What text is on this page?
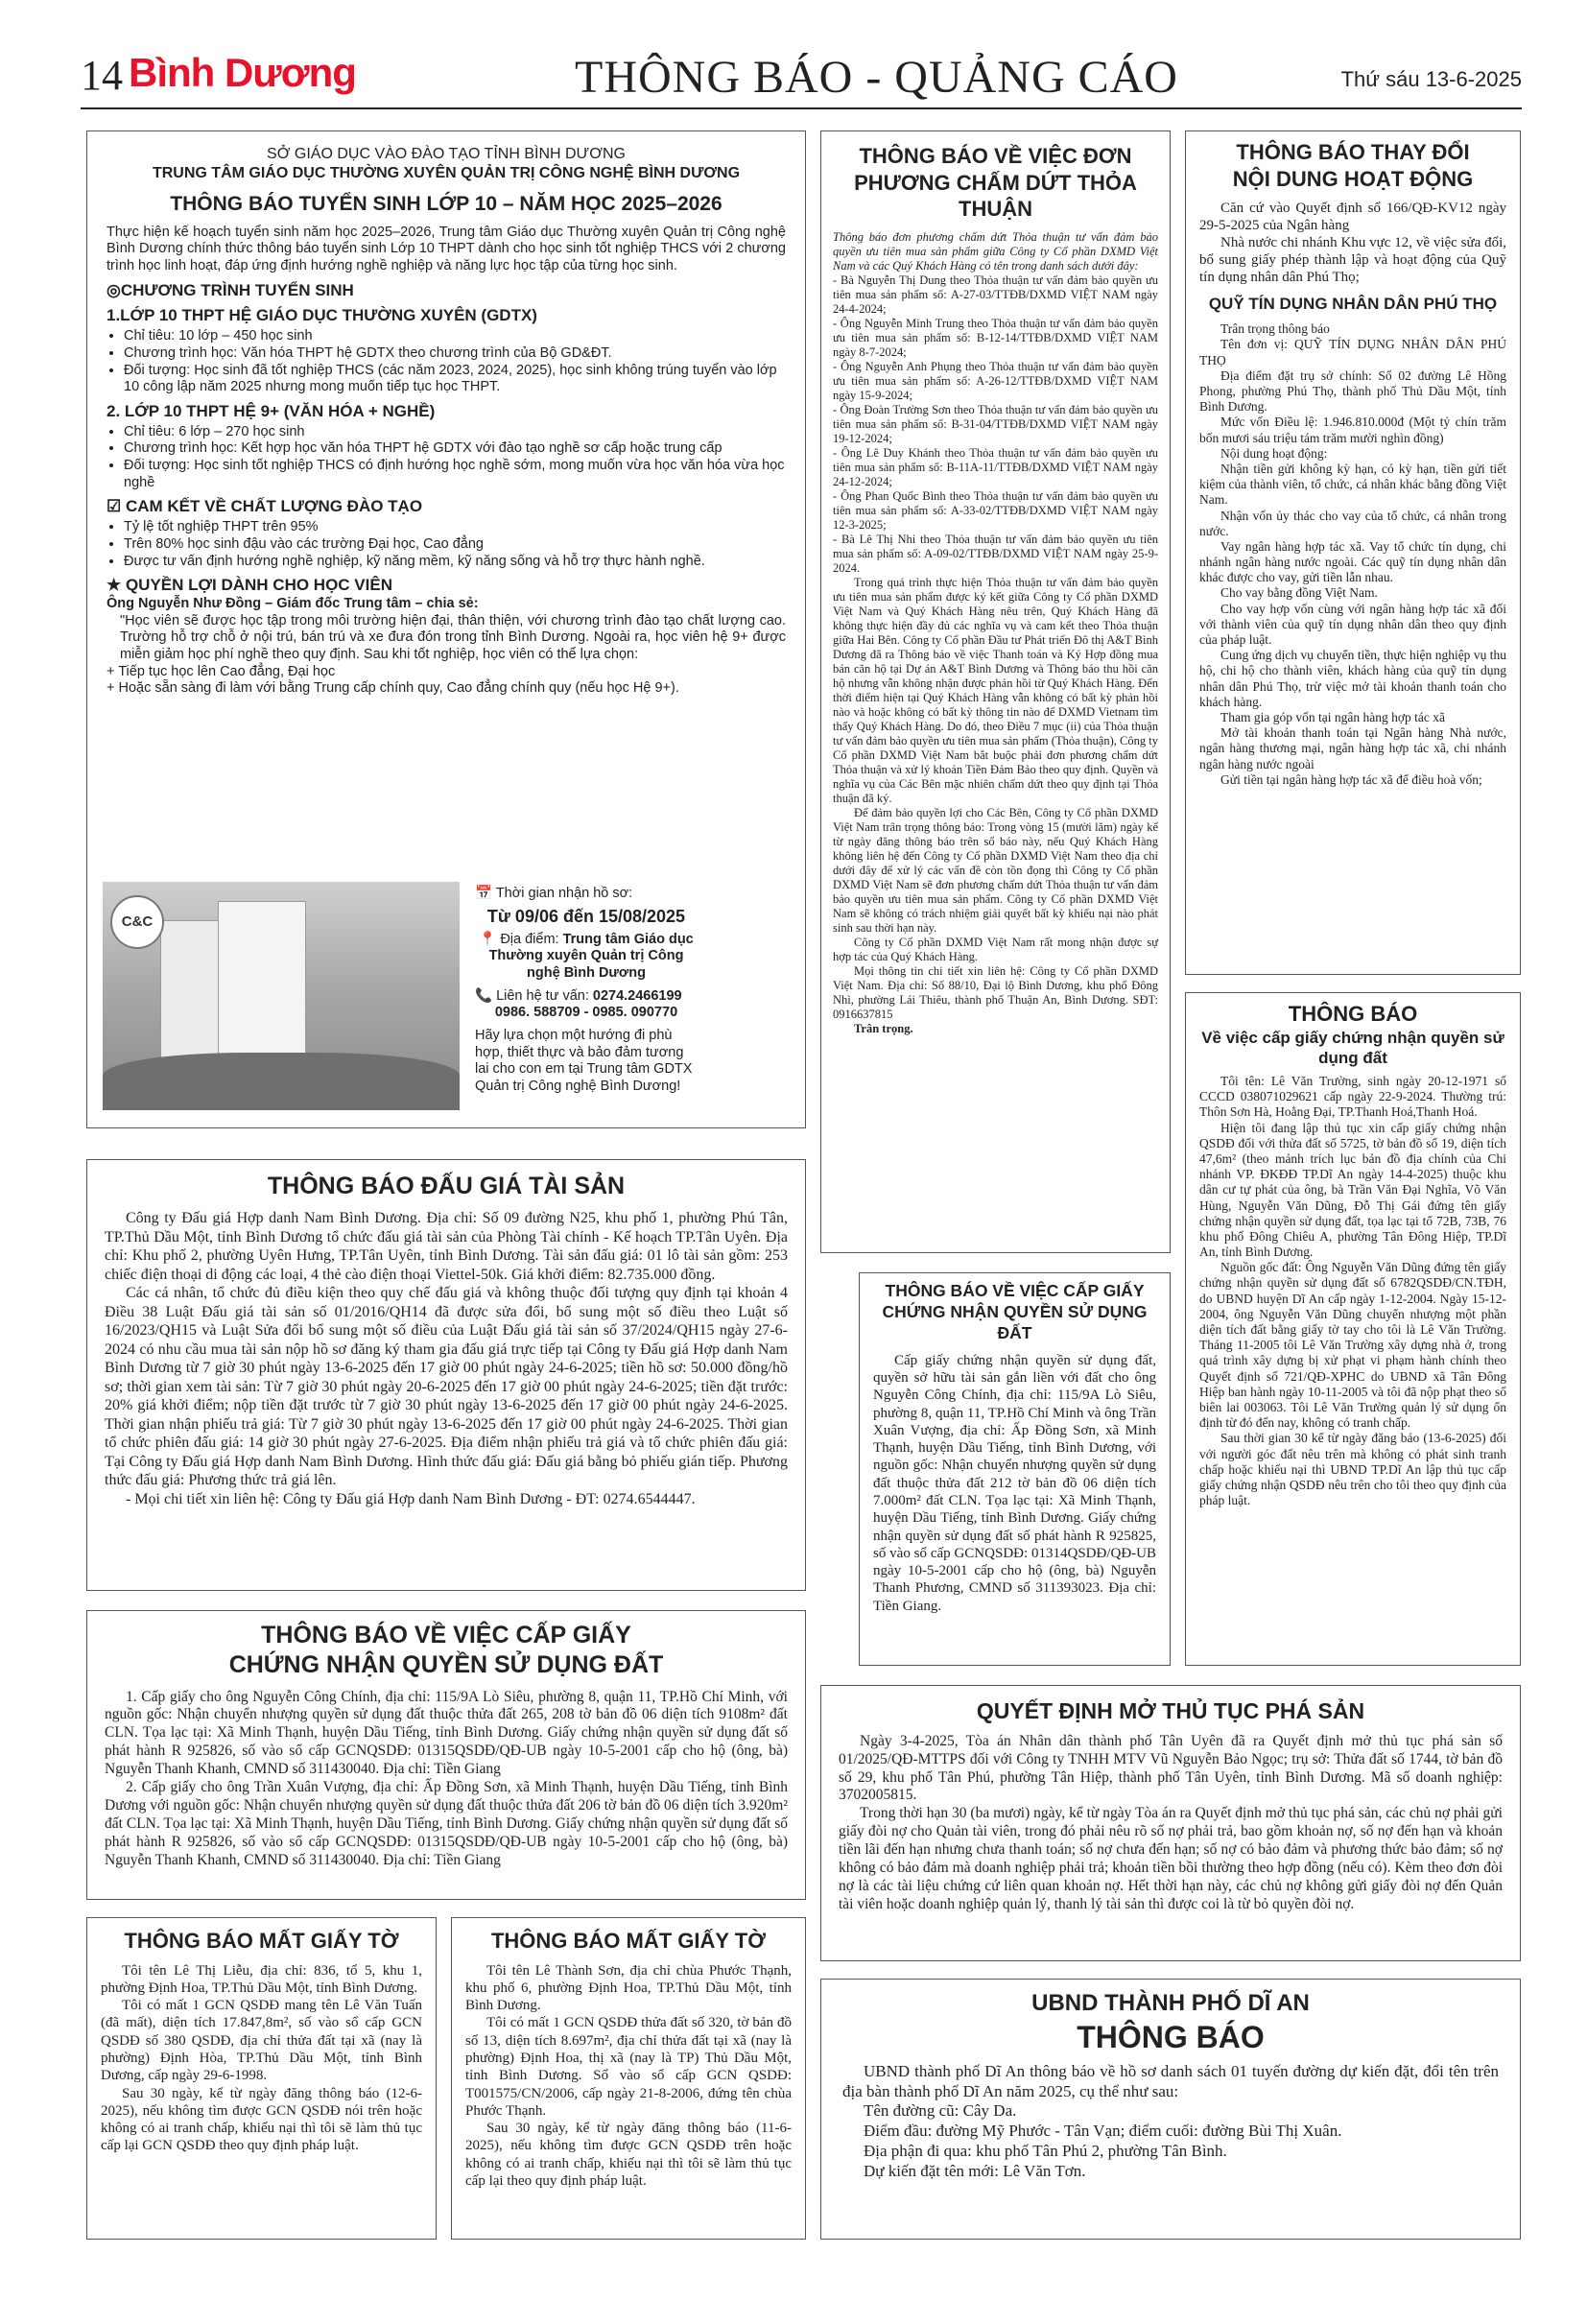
14 Bình Dương	THÔNG BÁO - QUẢNG CÁO	Thứ sáu 13-6-2025

SỞ GIÁO DỤC VÀO ĐÀO TẠO TỈNH BÌNH DƯƠNG

TRUNG TÂM GIÁO DỤC THƯỜNG XUYÊN QUẢN TRỊ CÔNG NGHỆ BÌNH DƯƠNG

THÔNG BÁO TUYỂN SINH LỚP 10 – NĂM HỌC 2025–2026

Thực hiện kế hoạch tuyển sinh năm học 2025–2026, Trung tâm Giáo dục Thường xuyên Quản trị Công nghệ Bình Dương chính thức thông báo tuyển sinh Lớp 10 THPT dành cho học sinh tốt nghiệp THCS với 2 chương trình học linh hoạt, đáp ứng định hướng nghề nghiệp và năng lực học tập của từng học sinh.

◎CHƯƠNG TRÌNH TUYỂN SINH

1.LỚP 10 THPT HỆ GIÁO DỤC THƯỜNG XUYÊN (GDTX)

• Chỉ tiêu: 10 lớp – 450 học sinh
• Chương trình học: Văn hóa THPT hệ GDTX theo chương trình của Bộ GD&ĐT.
• Đối tượng: Học sinh đã tốt nghiệp THCS (các năm 2023, 2024, 2025), học sinh không trúng tuyển vào lớp 10 công lập năm 2025 nhưng mong muốn tiếp tục học THPT.

2. LỚP 10 THPT HỆ 9+ (VĂN HÓA + NGHỀ)

• Chỉ tiêu: 6 lớp – 270 học sinh
• Chương trình học: Kết hợp học văn hóa THPT hệ GDTX với đào tạo nghề sơ cấp hoặc trung cấp
• Đối tượng: Học sinh tốt nghiệp THCS có định hướng học nghề sớm, mong muốn vừa học văn hóa vừa học nghề

☑ CAM KẾT VỀ CHẤT LƯỢNG ĐÀO TẠO

• Tỷ lệ tốt nghiệp THPT trên 95%
• Trên 80% học sinh đậu vào các trường Đại học, Cao đẳng
• Được tư vấn định hướng nghề nghiệp, kỹ năng mềm, kỹ năng sống và hỗ trợ thực hành nghề.

★ QUYỀN LỢI DÀNH CHO HỌC VIÊN

Ông Nguyễn Như Đồng – Giám đốc Trung tâm – chia sẻ:

"Học viên sẽ được học tập trong môi trường hiện đại, thân thiện, với chương trình đào tạo chất lượng cao. Trường hỗ trợ chỗ ở nội trú, bán trú và xe đưa đón trong tỉnh Bình Dương. Ngoài ra, học viên hệ 9+ được miễn giảm học phí nghề theo quy định. Sau khi tốt nghiệp, học viên có thể lựa chọn:

+ Tiếp tục học lên Cao đẳng, Đại học

+ Hoặc sẵn sàng đi làm với bằng Trung cấp chính quy, Cao đẳng chính quy (nếu học Hệ 9+).

C&C

📅 Thời gian nhận hồ sơ:

Từ 09/06 đến 15/08/2025

📍 Địa điểm: Trung tâm Giáo dục Thường xuyên Quản trị Công nghệ Bình Dương

📞 Liên hệ tư vấn: 0274.2466199

0986. 588709 - 0985. 090770

Hãy lựa chọn một hướng đi phù hợp, thiết thực và bảo đảm tương lai cho con em tại Trung tâm GDTX Quản trị Công nghệ Bình Dương!

THÔNG BÁO ĐẤU GIÁ TÀI SẢN

Công ty Đấu giá Hợp danh Nam Bình Dương. Địa chỉ: Số 09 đường N25, khu phố 1, phường Phú Tân, TP.Thủ Dầu Một, tỉnh Bình Dương tổ chức đấu giá tài sản của Phòng Tài chính - Kế hoạch TP.Tân Uyên. Địa chỉ: Khu phố 2, phường Uyên Hưng, TP.Tân Uyên, tỉnh Bình Dương. Tài sản đấu giá: 01 lô tài sản gồm: 253 chiếc điện thoại di động các loại, 4 thẻ cào điện thoại Viettel-50k. Giá khởi điểm: 82.735.000 đồng.

Các cá nhân, tổ chức đủ điều kiện theo quy chế đấu giá và không thuộc đối tượng quy định tại khoản 4 Điều 38 Luật Đấu giá tài sản số 01/2016/QH14 đã được sửa đổi, bổ sung một số điều theo Luật số 16/2023/QH15 và Luật Sửa đổi bổ sung một số điều của Luật Đấu giá tài sản số 37/2024/QH15 ngày 27-6-2024 có nhu cầu mua tài sản nộp hồ sơ đăng ký tham gia đấu giá trực tiếp tại Công ty Đấu giá Hợp danh Nam Bình Dương từ 7 giờ 30 phút ngày 13-6-2025 đến 17 giờ 00 phút ngày 24-6-2025; tiền hồ sơ: 50.000 đồng/hồ sơ; thời gian xem tài sản: Từ 7 giờ 30 phút ngày 20-6-2025 đến 17 giờ 00 phút ngày 24-6-2025; tiền đặt trước: 20% giá khởi điểm; nộp tiền đặt trước từ 7 giờ 30 phút ngày 13-6-2025 đến 17 giờ 00 phút ngày 24-6-2025. Thời gian nhận phiếu trả giá: Từ 7 giờ 30 phút ngày 13-6-2025 đến 17 giờ 00 phút ngày 24-6-2025. Thời gian tổ chức phiên đấu giá: 14 giờ 30 phút ngày 27-6-2025. Địa điểm nhận phiếu trả giá và tổ chức phiên đấu giá: Tại Công ty Đấu giá Hợp danh Nam Bình Dương. Hình thức đấu giá: Đấu giá bằng bỏ phiếu gián tiếp. Phương thức đấu giá: Phương thức trả giá lên.

- Mọi chi tiết xin liên hệ: Công ty Đấu giá Hợp danh Nam Bình Dương - ĐT: 0274.6544447.

THÔNG BÁO VỀ VIỆC CẤP GIẤY

CHỨNG NHẬN QUYỀN SỬ DỤNG ĐẤT

1. Cấp giấy cho ông Nguyễn Công Chính, địa chỉ: 115/9A Lò Siêu, phường 8, quận 11, TP.Hồ Chí Minh, với nguồn gốc: Nhận chuyển nhượng quyền sử dụng đất thuộc thửa đất 265, 208 tờ bản đồ 06 diện tích 9108m² đất CLN. Tọa lạc tại: Xã Minh Thạnh, huyện Dầu Tiếng, tỉnh Bình Dương. Giấy chứng nhận quyền sử dụng đất số phát hành R 925826, số vào sổ cấp GCNQSDĐ: 01315QSDĐ/QĐ-UB ngày 10-5-2001 cấp cho hộ (ông, bà) Nguyễn Thanh Khanh, CMND số 311430040. Địa chỉ: Tiền Giang

2. Cấp giấy cho ông Trần Xuân Vượng, địa chỉ: Ấp Đồng Sơn, xã Minh Thạnh, huyện Dầu Tiếng, tỉnh Bình Dương với nguồn gốc: Nhận chuyển nhượng quyền sử dụng đất thuộc thửa đất 206 tờ bản đồ 06 diện tích 3.920m² đất CLN. Tọa lạc tại: Xã Minh Thạnh, huyện Dầu Tiếng, tỉnh Bình Dương. Giấy chứng nhận quyền sử dụng đất số phát hành R 925826, số vào sổ cấp GCNQSDĐ: 01315QSDĐ/QĐ-UB ngày 10-5-2001 cấp cho hộ (ông, bà) Nguyễn Thanh Khanh, CMND số 311430040. Địa chỉ: Tiền Giang

THÔNG BÁO MẤT GIẤY TỜ

Tôi tên Lê Thị Liễu, địa chỉ: 836, tổ 5, khu 1, phường Định Hoa, TP.Thủ Dầu Một, tỉnh Bình Dương.

Tôi có mất 1 GCN QSDĐ mang tên Lê Văn Tuấn (đã mất), diện tích 17.847,8m², số vào sổ cấp GCN QSDĐ số 380 QSDĐ, địa chỉ thửa đất tại xã (nay là phường) Định Hòa, TP.Thủ Dầu Một, tỉnh Bình Dương, cấp ngày 29-6-1998.

Sau 30 ngày, kể từ ngày đăng thông báo (12-6-2025), nếu không tìm được GCN QSDĐ nói trên hoặc không có ai tranh chấp, khiếu nại thì tôi sẽ làm thủ tục cấp lại GCN QSDĐ theo quy định pháp luật.

THÔNG BÁO MẤT GIẤY TỜ

Tôi tên Lê Thành Sơn, địa chỉ chùa Phước Thạnh, khu phố 6, phường Định Hoa, TP.Thủ Dầu Một, tỉnh Bình Dương.

Tôi có mất 1 GCN QSDĐ thửa đất số 320, tờ bản đồ số 13, diện tích 8.697m², địa chỉ thửa đất tại xã (nay là phường) Định Hoa, thị xã (nay là TP) Thủ Dầu Một, tỉnh Bình Dương. Số vào sổ cấp GCN QSDĐ: T001575/CN/2006, cấp ngày 21-8-2006, đứng tên chùa Phước Thạnh.

Sau 30 ngày, kể từ ngày đăng thông báo (11-6-2025), nếu không tìm được GCN QSDĐ trên hoặc không có ai tranh chấp, khiếu nại thì tôi sẽ làm thủ tục cấp lại theo quy định pháp luật.

THÔNG BÁO VỀ VIỆC ĐƠN PHƯƠNG CHẤM DỨT THỎA THUẬN

Thông báo đơn phương chấm dứt Thỏa thuận tư vấn đảm bảo quyền ưu tiên mua sản phẩm giữa Công ty Cổ phần DXMD Việt Nam và các Quý Khách Hàng có tên trong danh sách dưới đây:

- Bà Nguyễn Thị Dung theo Thỏa thuận tư vấn đảm bảo quyền ưu tiên mua sản phẩm số: A-27-03/TTĐB/DXMD VIỆT NAM ngày 24-4-2024;

- Ông Nguyễn Minh Trung theo Thỏa thuận tư vấn đảm bảo quyền ưu tiên mua sản phẩm số: B-12-14/TTĐB/DXMD VIỆT NAM ngày 8-7-2024;

- Ông Nguyễn Anh Phụng theo Thỏa thuận tư vấn đảm bảo quyền ưu tiên mua sản phẩm số: A-26-12/TTĐB/DXMD VIỆT NAM ngày 15-9-2024;

- Ông Đoàn Trường Sơn theo Thỏa thuận tư vấn đảm bảo quyền ưu tiên mua sản phẩm số: B-31-04/TTĐB/DXMD VIỆT NAM ngày 19-12-2024;

- Ông Lê Duy Khánh theo Thỏa thuận tư vấn đảm bảo quyền ưu tiên mua sản phẩm số: B-11A-11/TTĐB/DXMD VIỆT NAM ngày 24-12-2024;

- Ông Phan Quốc Bình theo Thỏa thuận tư vấn đảm bảo quyền ưu tiên mua sản phẩm số: A-33-02/TTĐB/DXMD VIỆT NAM ngày 12-3-2025;

- Bà Lê Thị Nhi theo Thỏa thuận tư vấn đảm bảo quyền ưu tiên mua sản phẩm số: A-09-02/TTĐB/DXMD VIỆT NAM ngày 25-9-2024.

Trong quá trình thực hiện Thỏa thuận tư vấn đảm bảo quyền ưu tiên mua sản phẩm được ký kết giữa Công ty Cổ phần DXMD Việt Nam và Quý Khách Hàng nêu trên, Quý Khách Hàng đã không thực hiện đầy đủ các nghĩa vụ và cam kết theo Thỏa thuận giữa Hai Bên. Công ty Cổ phần Đầu tư Phát triển Đô thị A&T Bình Dương đã ra Thông báo về việc Thanh toán và Ký Hợp đồng mua bán căn hộ tại Dự án A&T Bình Dương và Thông báo thu hồi căn hộ nhưng vẫn không nhận được phản hồi từ Quý Khách Hàng. Đến thời điểm hiện tại Quý Khách Hàng vẫn không có bất kỳ phản hồi nào và hoặc không có bất kỳ thông tin nào để DXMD Vietnam tìm thấy Quý Khách Hàng. Do đó, theo Điều 7 mục (ii) của Thỏa thuận tư vấn đảm bảo quyền ưu tiên mua sản phẩm (Thỏa thuận), Công ty Cổ phần DXMD Việt Nam bắt buộc phải đơn phương chấm dứt Thỏa thuận và xử lý khoản Tiền Đảm Bảo theo quy định. Quyền và nghĩa vụ của Các Bên mặc nhiên chấm dứt theo quy định tại Thỏa thuận đã ký.

Để đảm bảo quyền lợi cho Các Bên, Công ty Cổ phần DXMD Việt Nam trân trọng thông báo: Trong vòng 15 (mười lăm) ngày kể từ ngày đăng thông báo trên sổ báo này, nếu Quý Khách Hàng không liên hệ đến Công ty Cổ phần DXMD Việt Nam theo địa chỉ dưới đây để xử lý các vấn đề còn tồn đọng thì Công ty Cổ phần DXMD Việt Nam sẽ đơn phương chấm dứt Thỏa thuận tư vấn đảm bảo quyền ưu tiên mua sản phẩm. Công ty Cổ phần DXMD Việt Nam sẽ không có trách nhiệm giải quyết bất kỳ khiếu nại nào phát sinh sau thời hạn này.

Công ty Cổ phần DXMD Việt Nam rất mong nhận được sự hợp tác của Quý Khách Hàng.

Mọi thông tin chi tiết xin liên hệ: Công ty Cổ phần DXMD Việt Nam. Địa chỉ: Số 88/10, Đại lộ Bình Dương, khu phố Đông Nhì, phường Lái Thiêu, thành phố Thuận An, Bình Dương. SĐT: 0916637815

Trân trọng.

THÔNG BÁO VỀ VIỆC CẤP GIẤY

CHỨNG NHẬN QUYỀN SỬ DỤNG ĐẤT

Cấp giấy chứng nhận quyền sử dụng đất, quyền sở hữu tài sản gắn liền với đất cho ông Nguyễn Công Chính, địa chỉ: 115/9A Lò Siêu, phường 8, quận 11, TP.Hồ Chí Minh và ông Trần Xuân Vượng, địa chỉ: Ấp Đồng Sơn, xã Minh Thạnh, huyện Dầu Tiếng, tỉnh Bình Dương, với nguồn gốc: Nhận chuyển nhượng quyền sử dụng đất thuộc thửa đất 212 tờ bản đồ 06 diện tích 7.000m² đất CLN. Tọa lạc tại: Xã Minh Thạnh, huyện Dầu Tiếng, tỉnh Bình Dương. Giấy chứng nhận quyền sử dụng đất số phát hành R 925825, số vào sổ cấp GCNQSDĐ: 01314QSDĐ/QĐ-UB ngày 10-5-2001 cấp cho hộ (ông, bà) Nguyễn Thanh Phương, CMND số 311393023. Địa chỉ: Tiền Giang.

THÔNG BÁO THAY ĐỔI

NỘI DUNG HOẠT ĐỘNG

Căn cứ vào Quyết định số 166/QĐ-KV12 ngày 29-5-2025 của Ngân hàng

Nhà nước chi nhánh Khu vực 12, về việc sửa đổi, bổ sung giấy phép thành lập và hoạt động của Quỹ tín dụng nhân dân Phú Thọ;

QUỸ TÍN DỤNG NHÂN DÂN PHÚ THỌ

Trân trọng thông báo

Tên đơn vị: QUỸ TÍN DỤNG NHÂN DÂN PHÚ THỌ

Địa điểm đặt trụ sở chính: Số 02 đường Lê Hồng Phong, phường Phú Thọ, thành phố Thủ Dầu Một, tỉnh Bình Dương.

Mức vốn Điều lệ: 1.946.810.000đ (Một tỷ chín trăm bốn mươi sáu triệu tám trăm mười nghìn đồng)

Nội dung hoạt động:

Nhận tiền gửi không kỳ hạn, có kỳ hạn, tiền gửi tiết kiệm của thành viên, tổ chức, cá nhân khác bằng đồng Việt Nam.

Nhận vốn ủy thác cho vay của tổ chức, cá nhân trong nước.

Vay ngân hàng hợp tác xã. Vay tổ chức tín dụng, chi nhánh ngân hàng nước ngoài. Các quỹ tín dụng nhân dân khác được cho vay, gửi tiền lẫn nhau.

Cho vay bằng đồng Việt Nam.

Cho vay hợp vốn cùng với ngân hàng hợp tác xã đối với thành viên của quỹ tín dụng nhân dân theo quy định của pháp luật.

Cung ứng dịch vụ chuyển tiền, thực hiện nghiệp vụ thu hộ, chi hộ cho thành viên, khách hàng của quỹ tín dụng nhân dân Phú Thọ, trừ việc mở tài khoản thanh toán cho khách hàng.

Tham gia góp vốn tại ngân hàng hợp tác xã

Mở tài khoản thanh toán tại Ngân hàng Nhà nước, ngân hàng thương mại, ngân hàng hợp tác xã, chi nhánh ngân hàng nước ngoài

Gửi tiền tại ngân hàng hợp tác xã để điều hoà vốn;

THÔNG BÁO

Về việc cấp giấy chứng nhận quyền sử dụng đất

Tôi tên: Lê Văn Trường, sinh ngày 20-12-1971 số CCCD 038071029621 cấp ngày 22-9-2024. Thường trú: Thôn Sơn Hà, Hoằng Đại, TP.Thanh Hoá,Thanh Hoá.

Hiện tôi đang lập thủ tục xin cấp giấy chứng nhận QSDĐ đối với thửa đất số 5725, tờ bản đồ số 19, diện tích 47,6m² (theo mảnh trích lục bản đồ địa chính của Chi nhánh VP. ĐKĐĐ TP.Dĩ An ngày 14-4-2025) thuộc khu dân cư tự phát của ông, bà Trần Văn Đại Nghĩa, Võ Văn Hùng, Nguyễn Văn Dũng, Đỗ Thị Gái đứng tên giấy chứng nhận quyền sử dụng đất, tọa lạc tại tổ 72B, 73B, 76 khu phố Đông Chiêu A, phường Tân Đông Hiệp, TP.Dĩ An, tỉnh Bình Dương.

Nguồn gốc đất: Ông Nguyễn Văn Dũng đứng tên giấy chứng nhận quyền sử dụng đất số 6782QSDĐ/CN.TĐH, do UBND huyện Dĩ An cấp ngày 1-12-2004. Ngày 15-12-2004, ông Nguyễn Văn Dũng chuyển nhượng một phần diện tích đất bằng giấy tờ tay cho tôi là Lê Văn Trường. Tháng 11-2005 tôi Lê Văn Trường xây dựng nhà ở, trong quá trình xây dựng bị xử phạt vi phạm hành chính theo Quyết định số 721/QĐ-XPHC do UBND xã Tân Đông Hiệp ban hành ngày 10-11-2005 và tôi đã nộp phạt theo số biên lai 003063. Tôi Lê Văn Trường quản lý sử dụng ổn định từ đó đến nay, không có tranh chấp.

Sau thời gian 30 kể từ ngày đăng báo (13-6-2025) đối với người góc đất nêu trên mà không có phát sinh tranh chấp hoặc khiếu nại thì UBND TP.Dĩ An lập thủ tục cấp giấy chứng nhận QSDĐ nêu trên cho tôi theo quy định của pháp luật.

QUYẾT ĐỊNH MỞ THỦ TỤC PHÁ SẢN

Ngày 3-4-2025, Tòa án Nhân dân thành phố Tân Uyên đã ra Quyết định mở thủ tục phá sản số 01/2025/QĐ-MTTPS đối với Công ty TNHH MTV Vũ Nguyễn Bảo Ngọc; trụ sở: Thửa đất số 1744, tờ bản đồ số 29, khu phố Tân Phú, phường Tân Hiệp, thành phố Tân Uyên, tỉnh Bình Dương. Mã số doanh nghiệp: 3702005815.

Trong thời hạn 30 (ba mươi) ngày, kể từ ngày Tòa án ra Quyết định mở thủ tục phá sản, các chủ nợ phải gửi giấy đòi nợ cho Quản tài viên, trong đó phải nêu rõ số nợ phải trả, bao gồm khoản nợ, số nợ đến hạn và khoản tiền lãi đến hạn nhưng chưa thanh toán; số nợ chưa đến hạn; số nợ có bảo đảm và phương thức bảo đảm; số nợ không có bảo đảm mà doanh nghiệp phải trả; khoản tiền bồi thường theo hợp đồng (nếu có). Kèm theo đơn đòi nợ là các tài liệu chứng cứ liên quan khoản nợ. Hết thời hạn này, các chủ nợ không gửi giấy đòi nợ đến Quản tài viên hoặc doanh nghiệp quản lý, thanh lý tài sản thì được coi là từ bỏ quyền đòi nợ.

UBND THÀNH PHỐ DĨ AN

THÔNG BÁO

UBND thành phố Dĩ An thông báo về hồ sơ danh sách 01 tuyến đường dự kiến đặt, đổi tên trên địa bàn thành phố Dĩ An năm 2025, cụ thể như sau:

Tên đường cũ: Cây Da.

Điểm đầu: đường Mỹ Phước - Tân Vạn; điểm cuối: đường Bùi Thị Xuân.

Địa phận đi qua: khu phố Tân Phú 2, phường Tân Bình.

Dự kiến đặt tên mới: Lê Văn Tơn.
